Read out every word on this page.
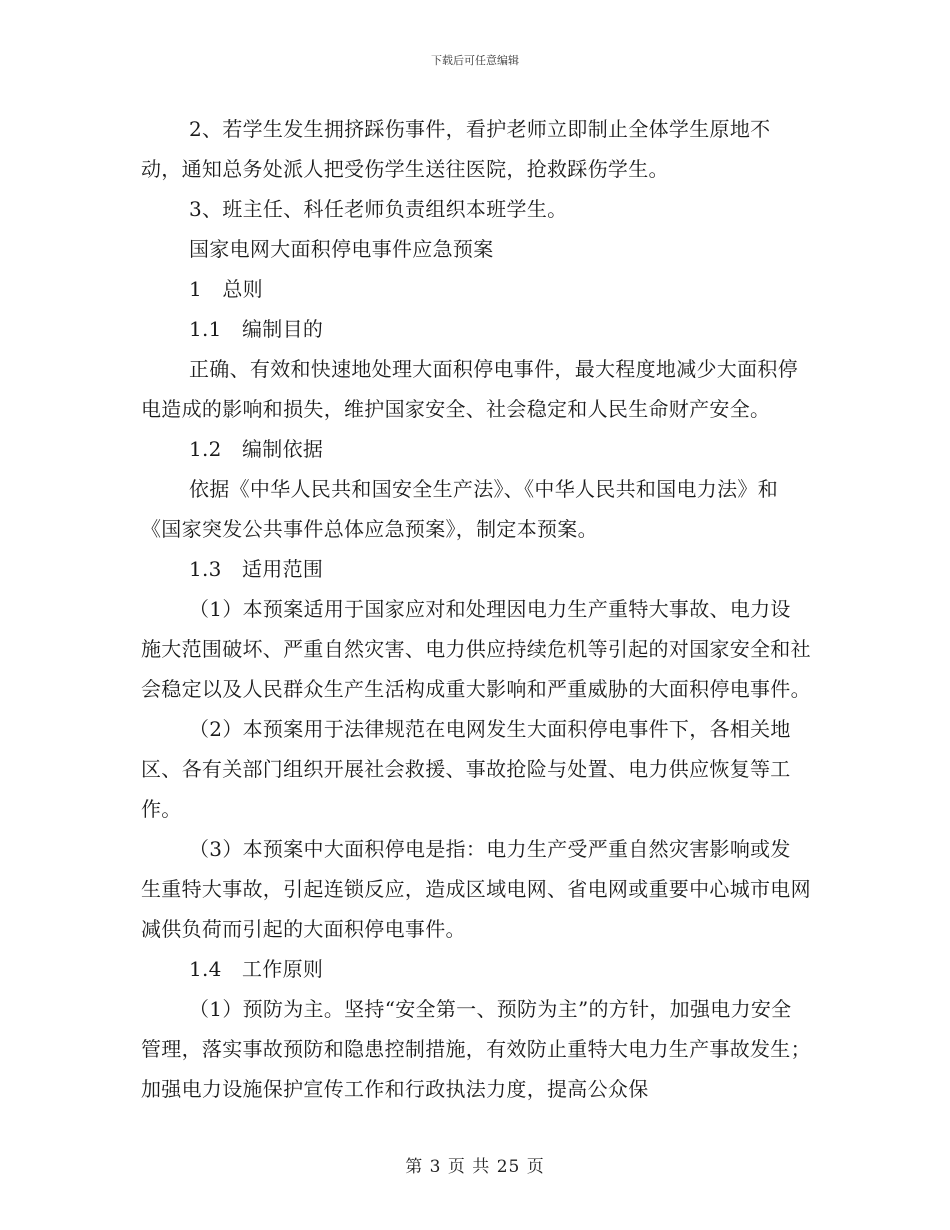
下载后可任意编辑

2、若学生发生拥挤踩伤事件，看护老师立即制止全体学生原地不动，通知总务处派人把受伤学生送往医院，抢救踩伤学生。

3、班主任、科任老师负责组织本班学生。

国家电网大面积停电事件应急预案

1　总则

1.1　编制目的

正确、有效和快速地处理大面积停电事件，最大程度地减少大面积停电造成的影响和损失，维护国家安全、社会稳定和人民生命财产安全。

1.2　编制依据

依据《中华人民共和国安全生产法》、《中华人民共和国电力法》和《国家突发公共事件总体应急预案》，制定本预案。

1.3　适用范围

（1）本预案适用于国家应对和处理因电力生产重特大事故、电力设施大范围破坏、严重自然灾害、电力供应持续危机等引起的对国家安全和社会稳定以及人民群众生产生活构成重大影响和严重威胁的大面积停电事件。

（2）本预案用于法律规范在电网发生大面积停电事件下，各相关地区、各有关部门组织开展社会救援、事故抢险与处置、电力供应恢复等工作。

（3）本预案中大面积停电是指：电力生产受严重自然灾害影响或发生重特大事故，引起连锁反应，造成区域电网、省电网或重要中心城市电网减供负荷而引起的大面积停电事件。

1.4　工作原则

（1）预防为主。坚持“安全第一、预防为主”的方针，加强电力安全管理，落实事故预防和隐患控制措施，有效防止重特大电力生产事故发生；加强电力设施保护宣传工作和行政执法力度，提高公众保

第 3 页 共 25 页
